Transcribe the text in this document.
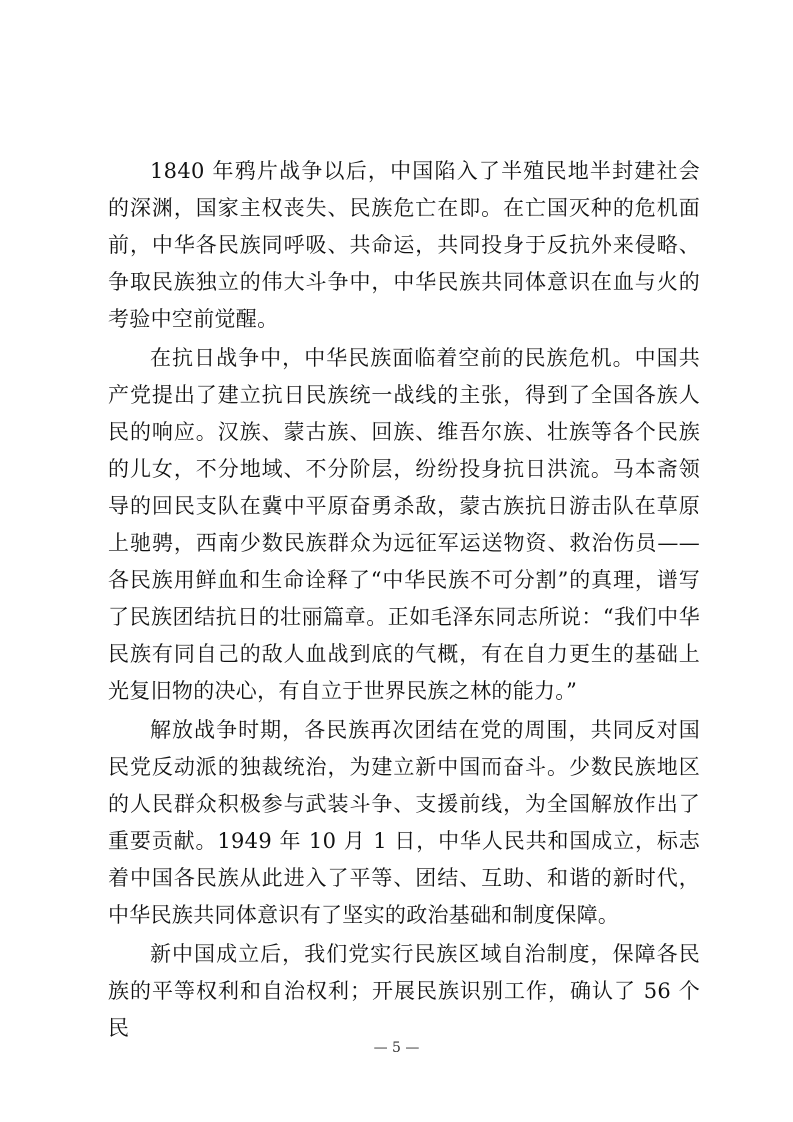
1840 年鸦片战争以后，中国陷入了半殖民地半封建社会的深渊，国家主权丧失、民族危亡在即。在亡国灭种的危机面前，中华各民族同呼吸、共命运，共同投身于反抗外来侵略、争取民族独立的伟大斗争中，中华民族共同体意识在血与火的考验中空前觉醒。

在抗日战争中，中华民族面临着空前的民族危机。中国共产党提出了建立抗日民族统一战线的主张，得到了全国各族人民的响应。汉族、蒙古族、回族、维吾尔族、壮族等各个民族的儿女，不分地域、不分阶层，纷纷投身抗日洪流。马本斋领导的回民支队在冀中平原奋勇杀敌，蒙古族抗日游击队在草原上驰骋，西南少数民族群众为远征军运送物资、救治伤员——各民族用鲜血和生命诠释了“中华民族不可分割”的真理，谱写了民族团结抗日的壮丽篇章。正如毛泽东同志所说：“我们中华民族有同自己的敌人血战到底的气概，有在自力更生的基础上光复旧物的决心，有自立于世界民族之林的能力。”

解放战争时期，各民族再次团结在党的周围，共同反对国民党反动派的独裁统治，为建立新中国而奋斗。少数民族地区的人民群众积极参与武装斗争、支援前线，为全国解放作出了重要贡献。1949 年 10 月 1 日，中华人民共和国成立，标志着中国各民族从此进入了平等、团结、互助、和谐的新时代，中华民族共同体意识有了坚实的政治基础和制度保障。

新中国成立后，我们党实行民族区域自治制度，保障各民族的平等权利和自治权利；开展民族识别工作，确认了 56 个民

— 5 —
